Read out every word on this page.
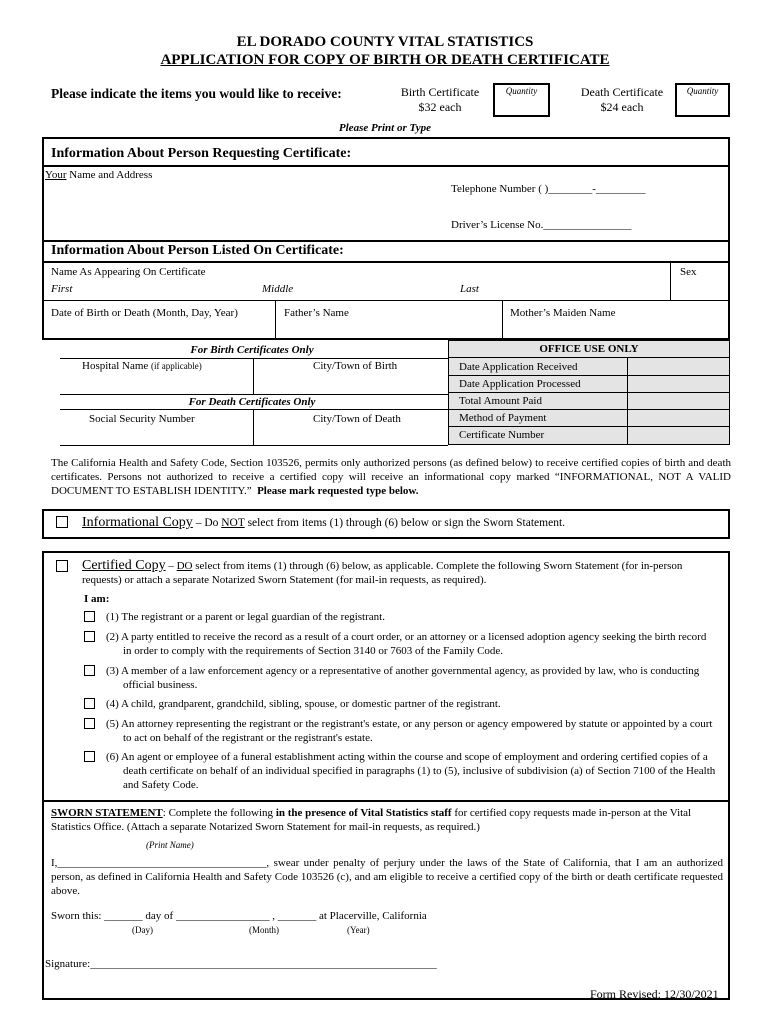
EL DORADO COUNTY VITAL STATISTICS
APPLICATION FOR COPY OF BIRTH OR DEATH CERTIFICATE
Please indicate the items you would like to receive:	Birth Certificate
$32 each
Quantity	Death Certificate
$24 each
Quantity
Please Print or Type
Information About Person Requesting Certificate:
Your Name and Address
Telephone Number ( )________-_________
Driver’s License No.________________
Information About Person Listed On Certificate:
Name As Appearing On Certificate
First	Middle	Last
Sex
Date of Birth or Death (Month, Day, Year)	Father’s Name	Mother’s Maiden Name
For Birth Certificates Only
Hospital Name (if applicable)	City/Town of Birth
For Death Certificates Only
Social Security Number	City/Town of Death
OFFICE USE ONLY
Date Application Received
Date Application Processed
Total Amount Paid
Method of Payment
Certificate Number
The California Health and Safety Code, Section 103526, permits only authorized persons (as defined below) to receive certified copies of birth and death certificates. Persons not authorized to receive a certified copy will receive an informational copy marked “INFORMATIONAL, NOT A VALID DOCUMENT TO ESTABLISH IDENTITY.” Please mark requested type below.
Informational Copy – Do NOT select from items (1) through (6) below or sign the Sworn Statement.
Certified Copy – DO select from items (1) through (6) below, as applicable. Complete the following Sworn Statement (for in-person requests) or attach a separate Notarized Sworn Statement (for mail-in requests, as required).
I am:
(1) The registrant or a parent or legal guardian of the registrant.
(2) A party entitled to receive the record as a result of a court order, or an attorney or a licensed adoption agency seeking the birth record in order to comply with the requirements of Section 3140 or 7603 of the Family Code.
(3) A member of a law enforcement agency or a representative of another governmental agency, as provided by law, who is conducting official business.
(4) A child, grandparent, grandchild, sibling, spouse, or domestic partner of the registrant.
(5) An attorney representing the registrant or the registrant's estate, or any person or agency empowered by statute or appointed by a court to act on behalf of the registrant or the registrant's estate.
(6) An agent or employee of a funeral establishment acting within the course and scope of employment and ordering certified copies of a death certificate on behalf of an individual specified in paragraphs (1) to (5), inclusive of subdivision (a) of Section 7100 of the Health and Safety Code.
SWORN STATEMENT: Complete the following in the presence of Vital Statistics staff for certified copy requests made in-person at the Vital Statistics Office. (Attach a separate Notarized Sworn Statement for mail-in requests, as required.)
(Print Name)
I,______________________________________, swear under penalty of perjury under the laws of the State of California, that I am an authorized person, as defined in California Health and Safety Code 103526 (c), and am eligible to receive a certified copy of the birth or death certificate requested above.
Sworn this: _______ day of _________________ , _______ at Placerville, California
(Day)	(Month)	(Year)
Signature:_______________________________________________________________
Form Revised: 12/30/2021
